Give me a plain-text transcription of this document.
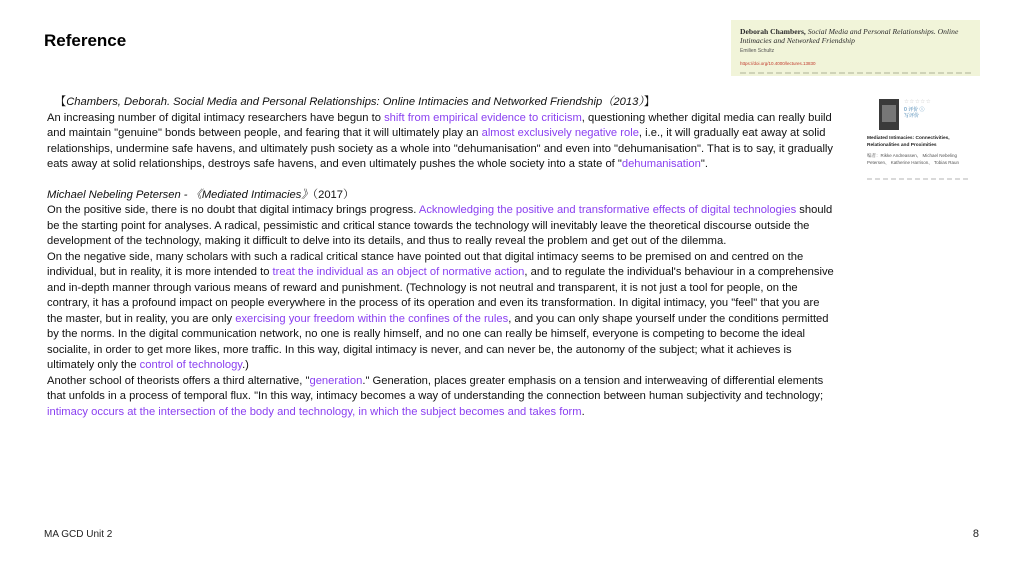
Reference	Deborah Chambers, Social Media and Personal Relationships. Online Intimacies and Networked Friendship
Emilien Schultz
https://doi.org/10.4000/lectures.13830
☆☆☆☆☆
0 评价 ⓘ
写评价
Mediated Intimacies: Connectivities, Relationalities and Proximities
编者：Rikke Andreassen、 Michael Nebeling Petersen、 Katherine Harrison、 Tobias Raun

【Chambers, Deborah. Social Media and Personal Relationships: Online Intimacies and Networked Friendship（2013）】

An increasing number of digital intimacy researchers have begun to shift from empirical evidence to criticism, questioning whether digital media can really build and maintain "genuine" bonds between people, and fearing that it will ultimately play an almost exclusively negative role, i.e., it will gradually eat away at solid relationships, undermine safe havens, and ultimately push society as a whole into "dehumanisation" and even into "dehumanisation". That is to say, it gradually eats away at solid relationships, destroys safe havens, and even ultimately pushes the whole society into a state of "dehumanisation".

Michael Nebeling Petersen - 《Mediated Intimacies》（2017）

On the positive side, there is no doubt that digital intimacy brings progress. Acknowledging the positive and transformative effects of digital technologies should be the starting point for analyses. A radical, pessimistic and critical stance towards the technology will inevitably leave the theoretical discourse outside the development of the technology, making it difficult to delve into its details, and thus to really reveal the problem and get out of the dilemma.

On the negative side, many scholars with such a radical critical stance have pointed out that digital intimacy seems to be premised on and centred on the individual, but in reality, it is more intended to treat the individual as an object of normative action, and to regulate the individual's behaviour in a comprehensive and in-depth manner through various means of reward and punishment. (Technology is not neutral and transparent, it is not just a tool for people, on the contrary, it has a profound impact on people everywhere in the process of its operation and even its transformation. In digital intimacy, you "feel" that you are the master, but in reality, you are only exercising your freedom within the confines of the rules, and you can only shape yourself under the conditions permitted by the norms. In the digital communication network, no one is really himself, and no one can really be himself, everyone is competing to become the ideal socialite, in order to get more likes, more traffic. In this way, digital intimacy is never, and can never be, the autonomy of the subject; what it achieves is ultimately only the control of technology.)

Another school of theorists offers a third alternative, "generation." Generation, places greater emphasis on a tension and interweaving of differential elements that unfolds in a process of temporal flux. "In this way, intimacy becomes a way of understanding the connection between human subjectivity and technology; intimacy occurs at the intersection of the body and technology, in which the subject becomes and takes form.

MA GCD Unit 2	8
